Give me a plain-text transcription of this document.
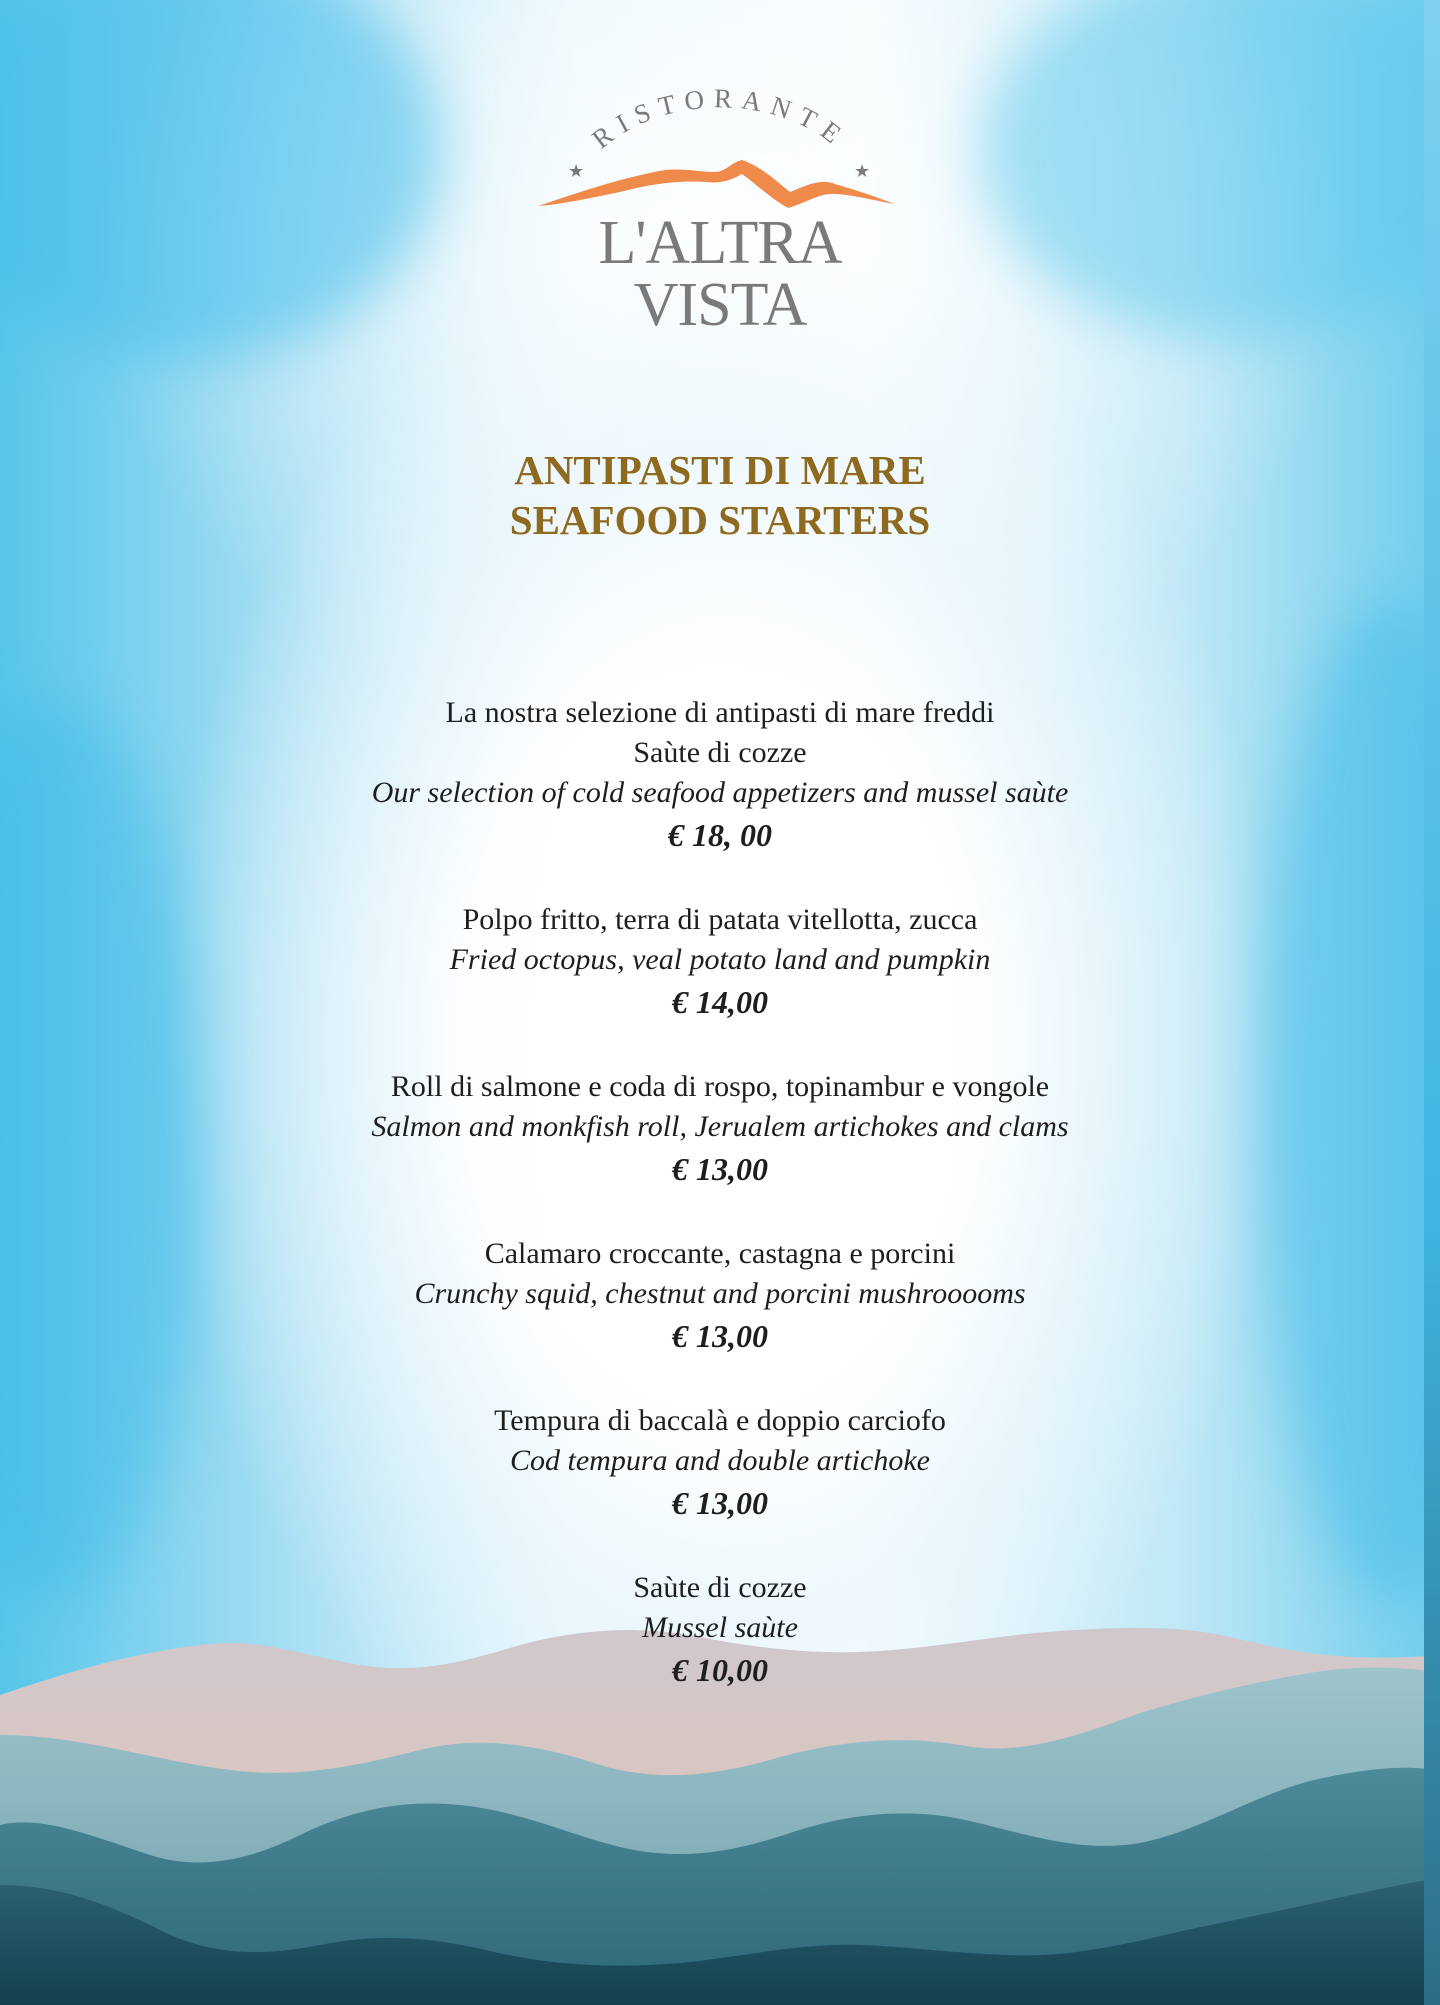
RISTORANTE
★	★
L'ALTRA VISTA
ANTIPASTI DI MARE
SEAFOOD STARTERS
La nostra selezione di antipasti di mare freddi
Saùte di cozze
Our selection of cold seafood appetizers and mussel saùte
€ 18, 00
Polpo fritto, terra di patata vitellotta, zucca
Fried octopus, veal potato land and pumpkin
€ 14,00
Roll di salmone e coda di rospo, topinambur e vongole
Salmon and monkfish roll, Jerualem artichokes and clams
€ 13,00
Calamaro croccante, castagna e porcini
Crunchy squid, chestnut and porcini mushrooooms
€ 13,00
Tempura di baccalà e doppio carciofo
Cod tempura and double artichoke
€ 13,00
Saùte di cozze
Mussel saùte
€ 10,00
